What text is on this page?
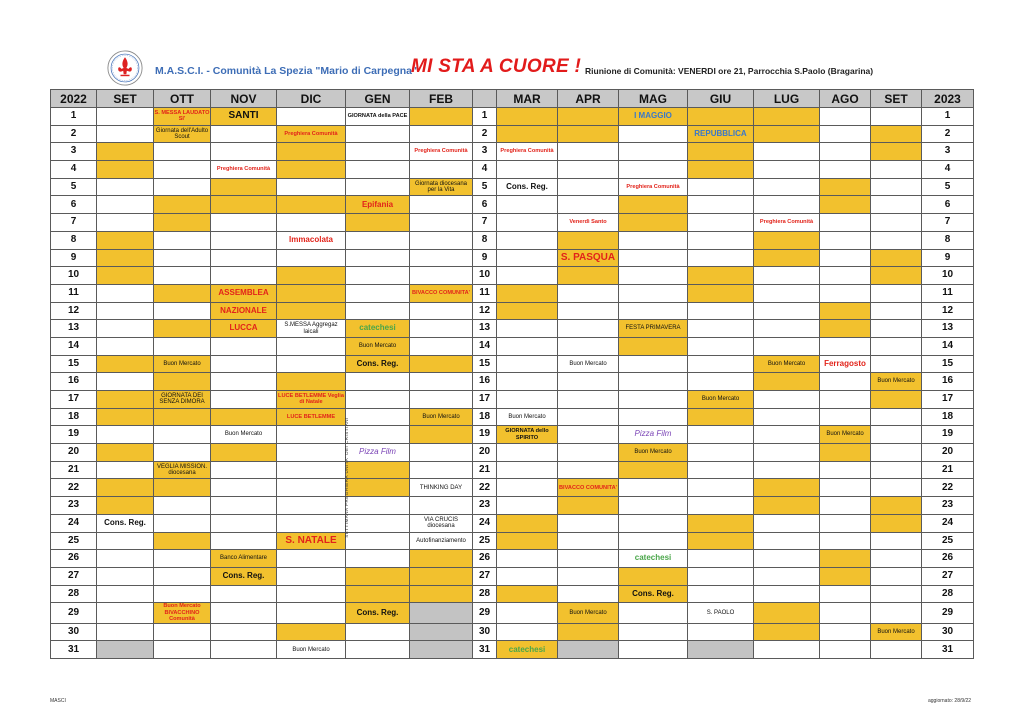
M.A.S.C.I. - Comunità La Spezia "Mario di Carpegna"
MI STA A CUORE ! Riunione di Comunità: VENERDI ore 21, Parrocchia S.Paolo (Bragarina)
2022	SET	OTT	NOV	DIC	GEN	FEB		MAR	APR	MAG	GIU	LUG	AGO	SET	2023
1		S. MESSA LAUDATO SI'	SANTI		GIORNATA della PACE		1			I MAGGIO					1
2		Giornata dell'Adulto Scout		Preghiera Comunità			2				REPUBBLICA				2
3						Preghiera Comunità	3	Preghiera Comunità							3
4			Preghiera Comunità				4								4
5						Giornata diocesana per la Vita	5	Cons. Reg.		Preghiera Comunità					5
6					Epifania		6								6
7							7		Venerdì Santo			Preghiera Comunità			7
8				Immacolata			8								8
9							9		S. PASQUA						9
10							10								10
11			ASSEMBLEA			BIVACCO COMUNITA'	11								11
12			NAZIONALE				12								12
13			LUCCA	S.MESSA Aggregaz laicali	catechesi		13			FESTA PRIMAVERA					13
14					Buon Mercato		14								14
15		Buon Mercato			Cons. Reg.		15		Buon Mercato			Buon Mercato	Ferragosto		15
16							16							Buon Mercato	16
17		GIORNATA DEI SENZA DIMORA		LUCE BETLEMME Veglia di Natale			17				Buon Mercato				17
18				LUCE BETLEMME		Buon Mercato	18	Buon Mercato							18
19			Buon Mercato				19	GIORNATA dello SPIRITO		Pizza Film			Buon Mercato		19
20					Pizza Film		20			Buon Mercato					20
21		VEGLIA MISSION. diocesana					21								21
22						THINKING DAY	22		BIVACCO COMUNITA'						22
23							23								23
24	Cons. Reg.					VIA CRUCIS diocesana	24								24
25				S. NATALE		Autofinanziamento	25								25
26			Banco Alimentare				26			catechesi					26
27			Cons. Reg.				27								27
28							28			Cons. Reg.					28
29		Buon Mercato BIVACCHINO Comunità			Cons. Reg.		29		Buon Mercato		S. PAOLO				29
30							30							Buon Mercato	30
31				Buon Mercato			31	catechesi							31
SETTIMANA PREGHIERA UNITA' DEI CRISTIANI
MASCI	aggiornato: 28/9/22
